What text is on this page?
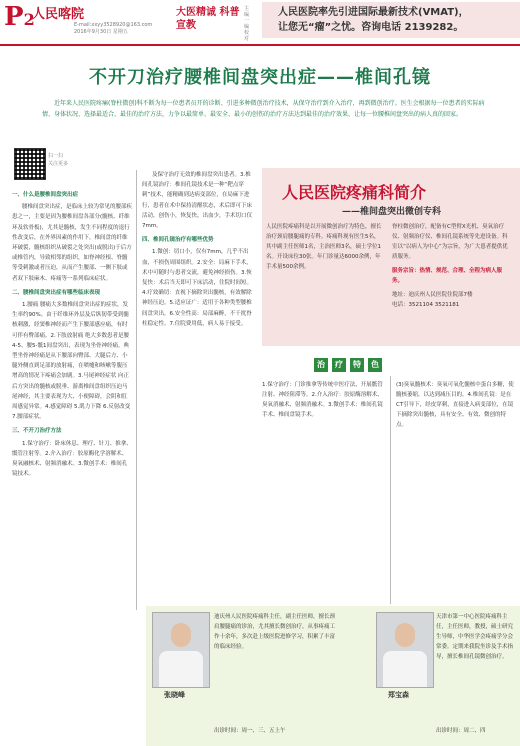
P2
人民喀院
E-mail:xxyy3528920@163.com
2016年9月30日 星期五
大医精诚 科普宣教
主编 一编 校对
人民医院率先引进国际最新技术(VMAT)，
让您无“瘤”之忧。咨询电话 2139282。
不开刀治疗腰椎间盘突出症——椎间孔镜
近年来人民医院疼痛(脊柱微创)科不断为每一位患者员开的诊断、引进多种微创治疗技术，从保守治疗到介入治疗，再到微创治疗。医生会根据每一位患者的实际病情、身体状况、选择最适合、最佳的治疗方法，力争以最简单、最安全、最小的创伤的治疗方法达到最佳的治疗效果，让每一位腰椎间盘突出的病人真的回家。
扫一扫
关注更多
一、什么是腰椎间盘突出症

腰椎间盘突出症，是临床上较为常见的腰部疾患之一，主要是因为腰椎间盘各部分(髓核、纤维环及软骨板)，尤其是髓核，发生不同程度的退行性改变后，在外界因素的作用下，椎间盘的纤维环破裂，髓核组织从破裂之处突出(或脱出)于后方或椎管内，导致相邻的组织，如脊神经根、脊髓等受刺激或者压迫，从而产生腰部、一侧下肢或者双下肢麻木、疼痛等一系列临床症状。

二、腰椎间盘突出症有哪些临床表现

1.腰痛 腰痛大多数椎间盘突出症的症状，发生率约90%。由于纤维环外层及后纵韧带受到髓核刺激，经窦椎神经而产生下腰部感应痛，有时可伴有臀部痛。2.下肢放射痛 绝大多数患者是腰4-5、腰5-骶1间盘突出，表现为坐骨神经痛。典型坐骨神经痛是从下腰部向臀部、大腿后方、小腿外侧直到足部的放射痛，在喷嚏和咳嗽等腹压增高的情况下疼痛会加剧。3.马尾神经症状 向正后方突出的髓核或脱垂、游离椎间盘组织压迫马尾神经，其主要表现为大、小便障碍，会阴和肛周感觉异常。4.感觉障碍 5.肌力下降 6.反射改变 7.腰部症状。

三、不开刀治疗方法

1.保守治疗：卧床休息、理疗、针刀、推拿、骶管注射等。2.介入治疗：胶原酶化学溶解术、臭氧融核术、射频消融术。3.微创手术：椎间孔镜技术。

及保守治疗无效的椎间盘突出患者。3.椎间孔镜治疗：椎间孔镜技术是一种“靶点穿刺”技术，能精确到达病变部位，在局麻下进行，患者在术中保持清醒状态，术后即可下床活动，创伤小，恢复快，出血少，手术切口仅7mm。

四、椎间孔镜治疗有哪些优势

1.微创：切口小，仅有7mm，几乎不出血，不损伤周围组织。2.安全：局麻下手术，术中可随时与患者交流，避免神经损伤。3.恢复快：术后当天即可下床活动，住院时间短。4.疗效确切：直视下摘除突出髓核，有效解除神经压迫。5.适应证广：适用于各种类型腰椎间盘突出。6.安全性高：局部麻醉，不干扰脊柱稳定性。7.住院费用低，病人易于接受。

人民医院疼痛科简介
——椎间盘突出微创专科
人民医院疼痛科是以开展微创治疗为特色，擅长治疗颈肩腰腿痛的专科。疼痛科现有医生5名，其中副主任医师1名，主治医师3名，硕士学位1名。开设床位30张。年门诊量达6000余例，年手术量500余例。
脊柱微创治疗，配备有C型臂X光机、臭氧治疗仪、射频治疗仪、椎间孔镜系统等先进设备。科室以“以病人为中心”为宗旨，为广大患者提供优质服务。
服务宗旨：热情、规范、合理、全程为病人服务。
地址：迪庆州人民医院住院部7楼
电话：3521104 3521181
治	疗	特	色
1.保守治疗：门诊推拿等传统中医疗法，开展骶管注射、神经阻滞等。2.介入治疗：胶原酶溶解术、臭氧消融术、射频消融术。3.微创手术：椎间孔镜手术、椎间盘镜手术。
(3)臭氧髓核术：臭氧可氧化髓核中蛋白多糖，使髓核萎缩，以达到减压目的。4.椎间孔镜：是在CT引导下，经皮穿刺，直接进入病变部位，在镜下摘除突出髓核，具有安全、有效、微创的特点。
张晓峰
迪庆州人民医院疼痛科主任，副主任医师，擅长颈肩腰腿痛的诊治，尤其擅长微创治疗。从事疼痛工作十余年，多次赴上级医院进修学习，积累了丰富的临床经验。
郑宝森
天津市第一中心医院疼痛科主任，主任医师，教授，硕士研究生导师，中华医学会疼痛学分会常委。定期来我院坐诊及手术指导，擅长椎间孔镜微创治疗。
出诊时间：周一、三、五上午	出诊时间：周二、四
